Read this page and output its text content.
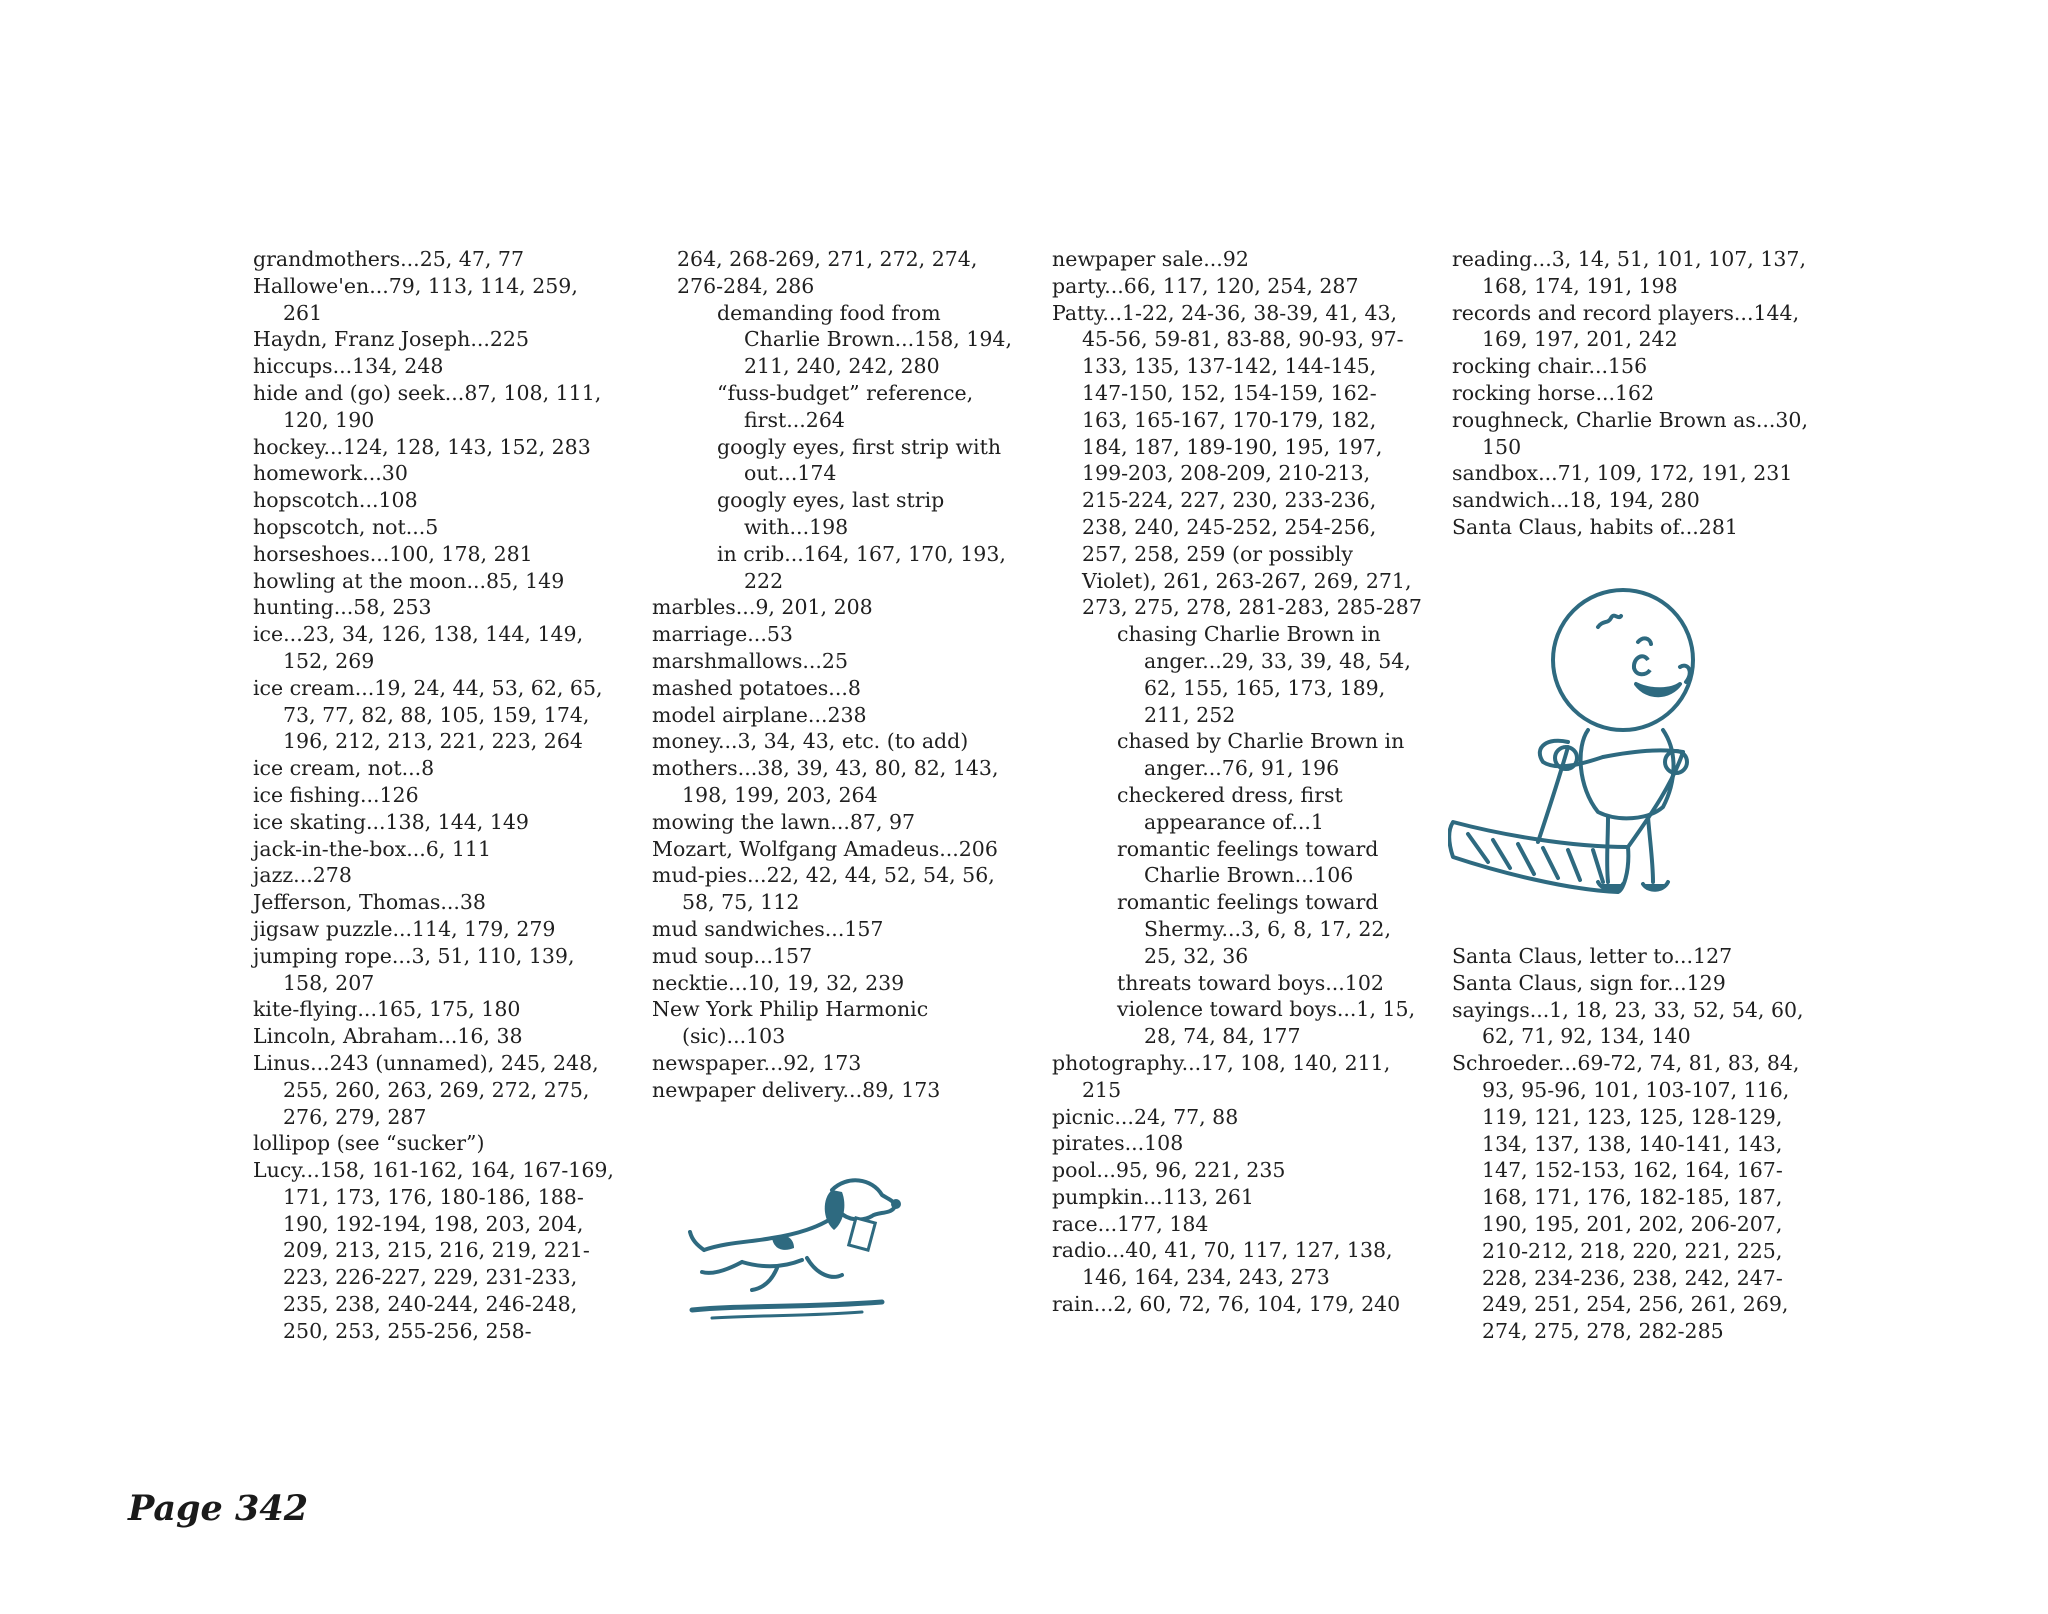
grandmothers...25, 47, 77
Hallowe'en...79, 113, 114, 259, 261
Haydn, Franz Joseph...225
hiccups...134, 248
hide and (go) seek...87, 108, 111, 120, 190
hockey...124, 128, 143, 152, 283
homework...30
hopscotch...108
hopscotch, not...5
horseshoes...100, 178, 281
howling at the moon...85, 149
hunting...58, 253
ice...23, 34, 126, 138, 144, 149, 152, 269
ice cream...19, 24, 44, 53, 62, 65, 73, 77, 82, 88, 105, 159, 174, 196, 212, 213, 221, 223, 264
ice cream, not...8
ice fishing...126
ice skating...138, 144, 149
jack-in-the-box...6, 111
jazz...278
Jefferson, Thomas...38
jigsaw puzzle...114, 179, 279
jumping rope...3, 51, 110, 139, 158, 207
kite-flying...165, 175, 180
Lincoln, Abraham...16, 38
Linus...243 (unnamed), 245, 248, 255, 260, 263, 269, 272, 275, 276, 279, 287
lollipop (see “sucker”)
Lucy...158, 161-162, 164, 167-169, 171, 173, 176, 180-186, 188-190, 192-194, 198, 203, 204, 209, 213, 215, 216, 219, 221-223, 226-227, 229, 231-233, 235, 238, 240-244, 246-248, 250, 253, 255-256, 258-
264, 268-269, 271, 272, 274, 276-284, 286
demanding food from Charlie Brown...158, 194, 211, 240, 242, 280
“fuss-budget” reference, first...264
googly eyes, first strip with out...174
googly eyes, last strip with...198
in crib...164, 167, 170, 193, 222
marbles...9, 201, 208
marriage...53
marshmallows...25
mashed potatoes...8
model airplane...238
money...3, 34, 43, etc. (to add)
mothers...38, 39, 43, 80, 82, 143, 198, 199, 203, 264
mowing the lawn...87, 97
Mozart, Wolfgang Amadeus...206
mud-pies...22, 42, 44, 52, 54, 56, 58, 75, 112
mud sandwiches...157
mud soup...157
necktie...10, 19, 32, 239
New York Philip Harmonic (sic)...103
newspaper...92, 173
newpaper delivery...89, 173
newpaper sale...92
party...66, 117, 120, 254, 287
Patty...1-22, 24-36, 38-39, 41, 43, 45-56, 59-81, 83-88, 90-93, 97-133, 135, 137-142, 144-145, 147-150, 152, 154-159, 162-163, 165-167, 170-179, 182, 184, 187, 189-190, 195, 197, 199-203, 208-209, 210-213, 215-224, 227, 230, 233-236, 238, 240, 245-252, 254-256, 257, 258, 259 (or possibly Violet), 261, 263-267, 269, 271, 273, 275, 278, 281-283, 285-287
chasing Charlie Brown in anger...29, 33, 39, 48, 54, 62, 155, 165, 173, 189, 211, 252
chased by Charlie Brown in anger...76, 91, 196
checkered dress, first appearance of...1
romantic feelings toward Charlie Brown...106
romantic feelings toward Shermy...3, 6, 8, 17, 22, 25, 32, 36
threats toward boys...102
violence toward boys...1, 15, 28, 74, 84, 177
photography...17, 108, 140, 211, 215
picnic...24, 77, 88
pirates...108
pool...95, 96, 221, 235
pumpkin...113, 261
race...177, 184
radio...40, 41, 70, 117, 127, 138, 146, 164, 234, 243, 273
rain...2, 60, 72, 76, 104, 179, 240
reading...3, 14, 51, 101, 107, 137, 168, 174, 191, 198
records and record players...144, 169, 197, 201, 242
rocking chair...156
rocking horse...162
roughneck, Charlie Brown as...30, 150
sandbox...71, 109, 172, 191, 231
sandwich...18, 194, 280
Santa Claus, habits of...281
Santa Claus, letter to...127
Santa Claus, sign for...129
sayings...1, 18, 23, 33, 52, 54, 60, 62, 71, 92, 134, 140
Schroeder...69-72, 74, 81, 83, 84, 93, 95-96, 101, 103-107, 116, 119, 121, 123, 125, 128-129, 134, 137, 138, 140-141, 143, 147, 152-153, 162, 164, 167-168, 171, 176, 182-185, 187, 190, 195, 201, 202, 206-207, 210-212, 218, 220, 221, 225, 228, 234-236, 238, 242, 247-249, 251, 254, 256, 261, 269, 274, 275, 278, 282-285
Page 342
